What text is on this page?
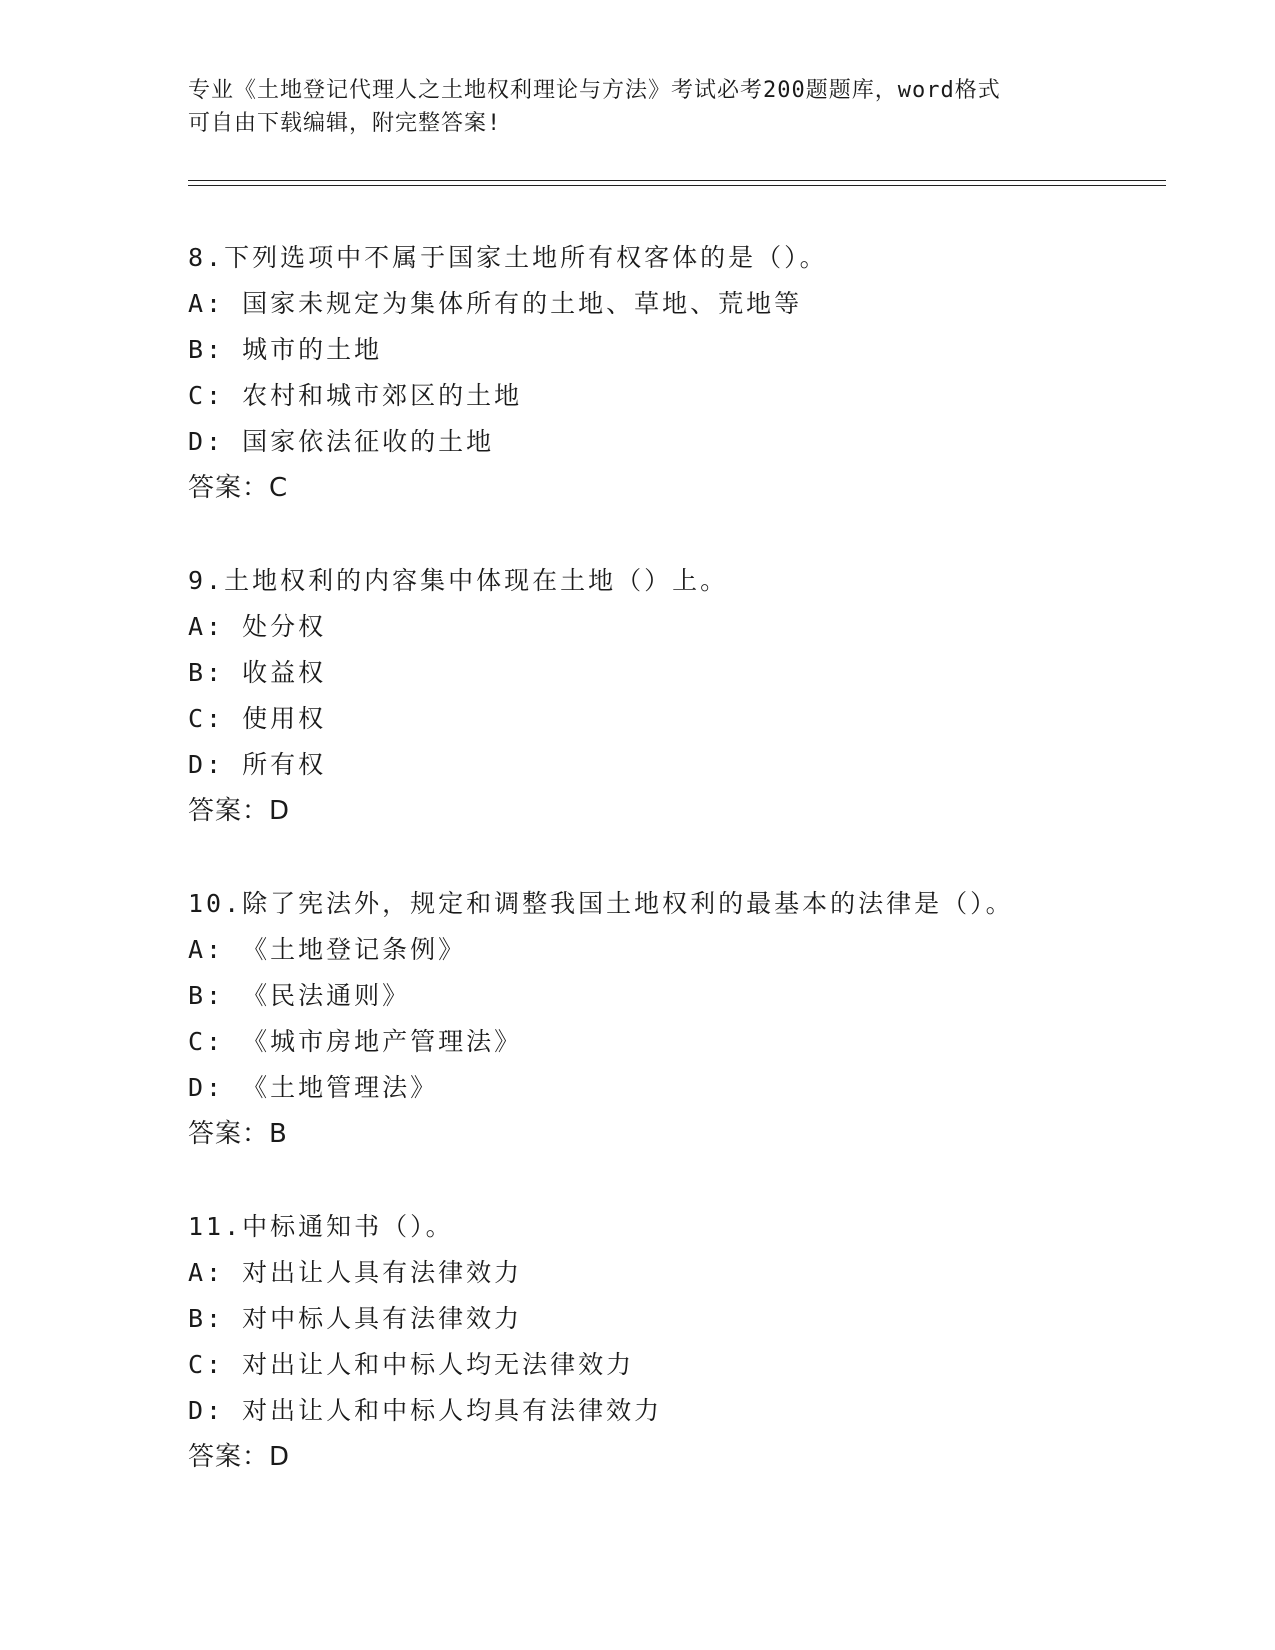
专业《土地登记代理人之土地权利理论与方法》考试必考200题题库，word格式
可自由下载编辑，附完整答案!
8.下列选项中不属于国家土地所有权客体的是（）。
A: 国家未规定为集体所有的土地、草地、荒地等
B: 城市的土地
C: 农村和城市郊区的土地
D: 国家依法征收的土地
答案：C
9.土地权利的内容集中体现在土地（）上。
A: 处分权
B: 收益权
C: 使用权
D: 所有权
答案：D
10.除了宪法外，规定和调整我国土地权利的最基本的法律是（）。
A: 《土地登记条例》
B: 《民法通则》
C: 《城市房地产管理法》
D: 《土地管理法》
答案：B
11.中标通知书（）。
A: 对出让人具有法律效力
B: 对中标人具有法律效力
C: 对出让人和中标人均无法律效力
D: 对出让人和中标人均具有法律效力
答案：D
